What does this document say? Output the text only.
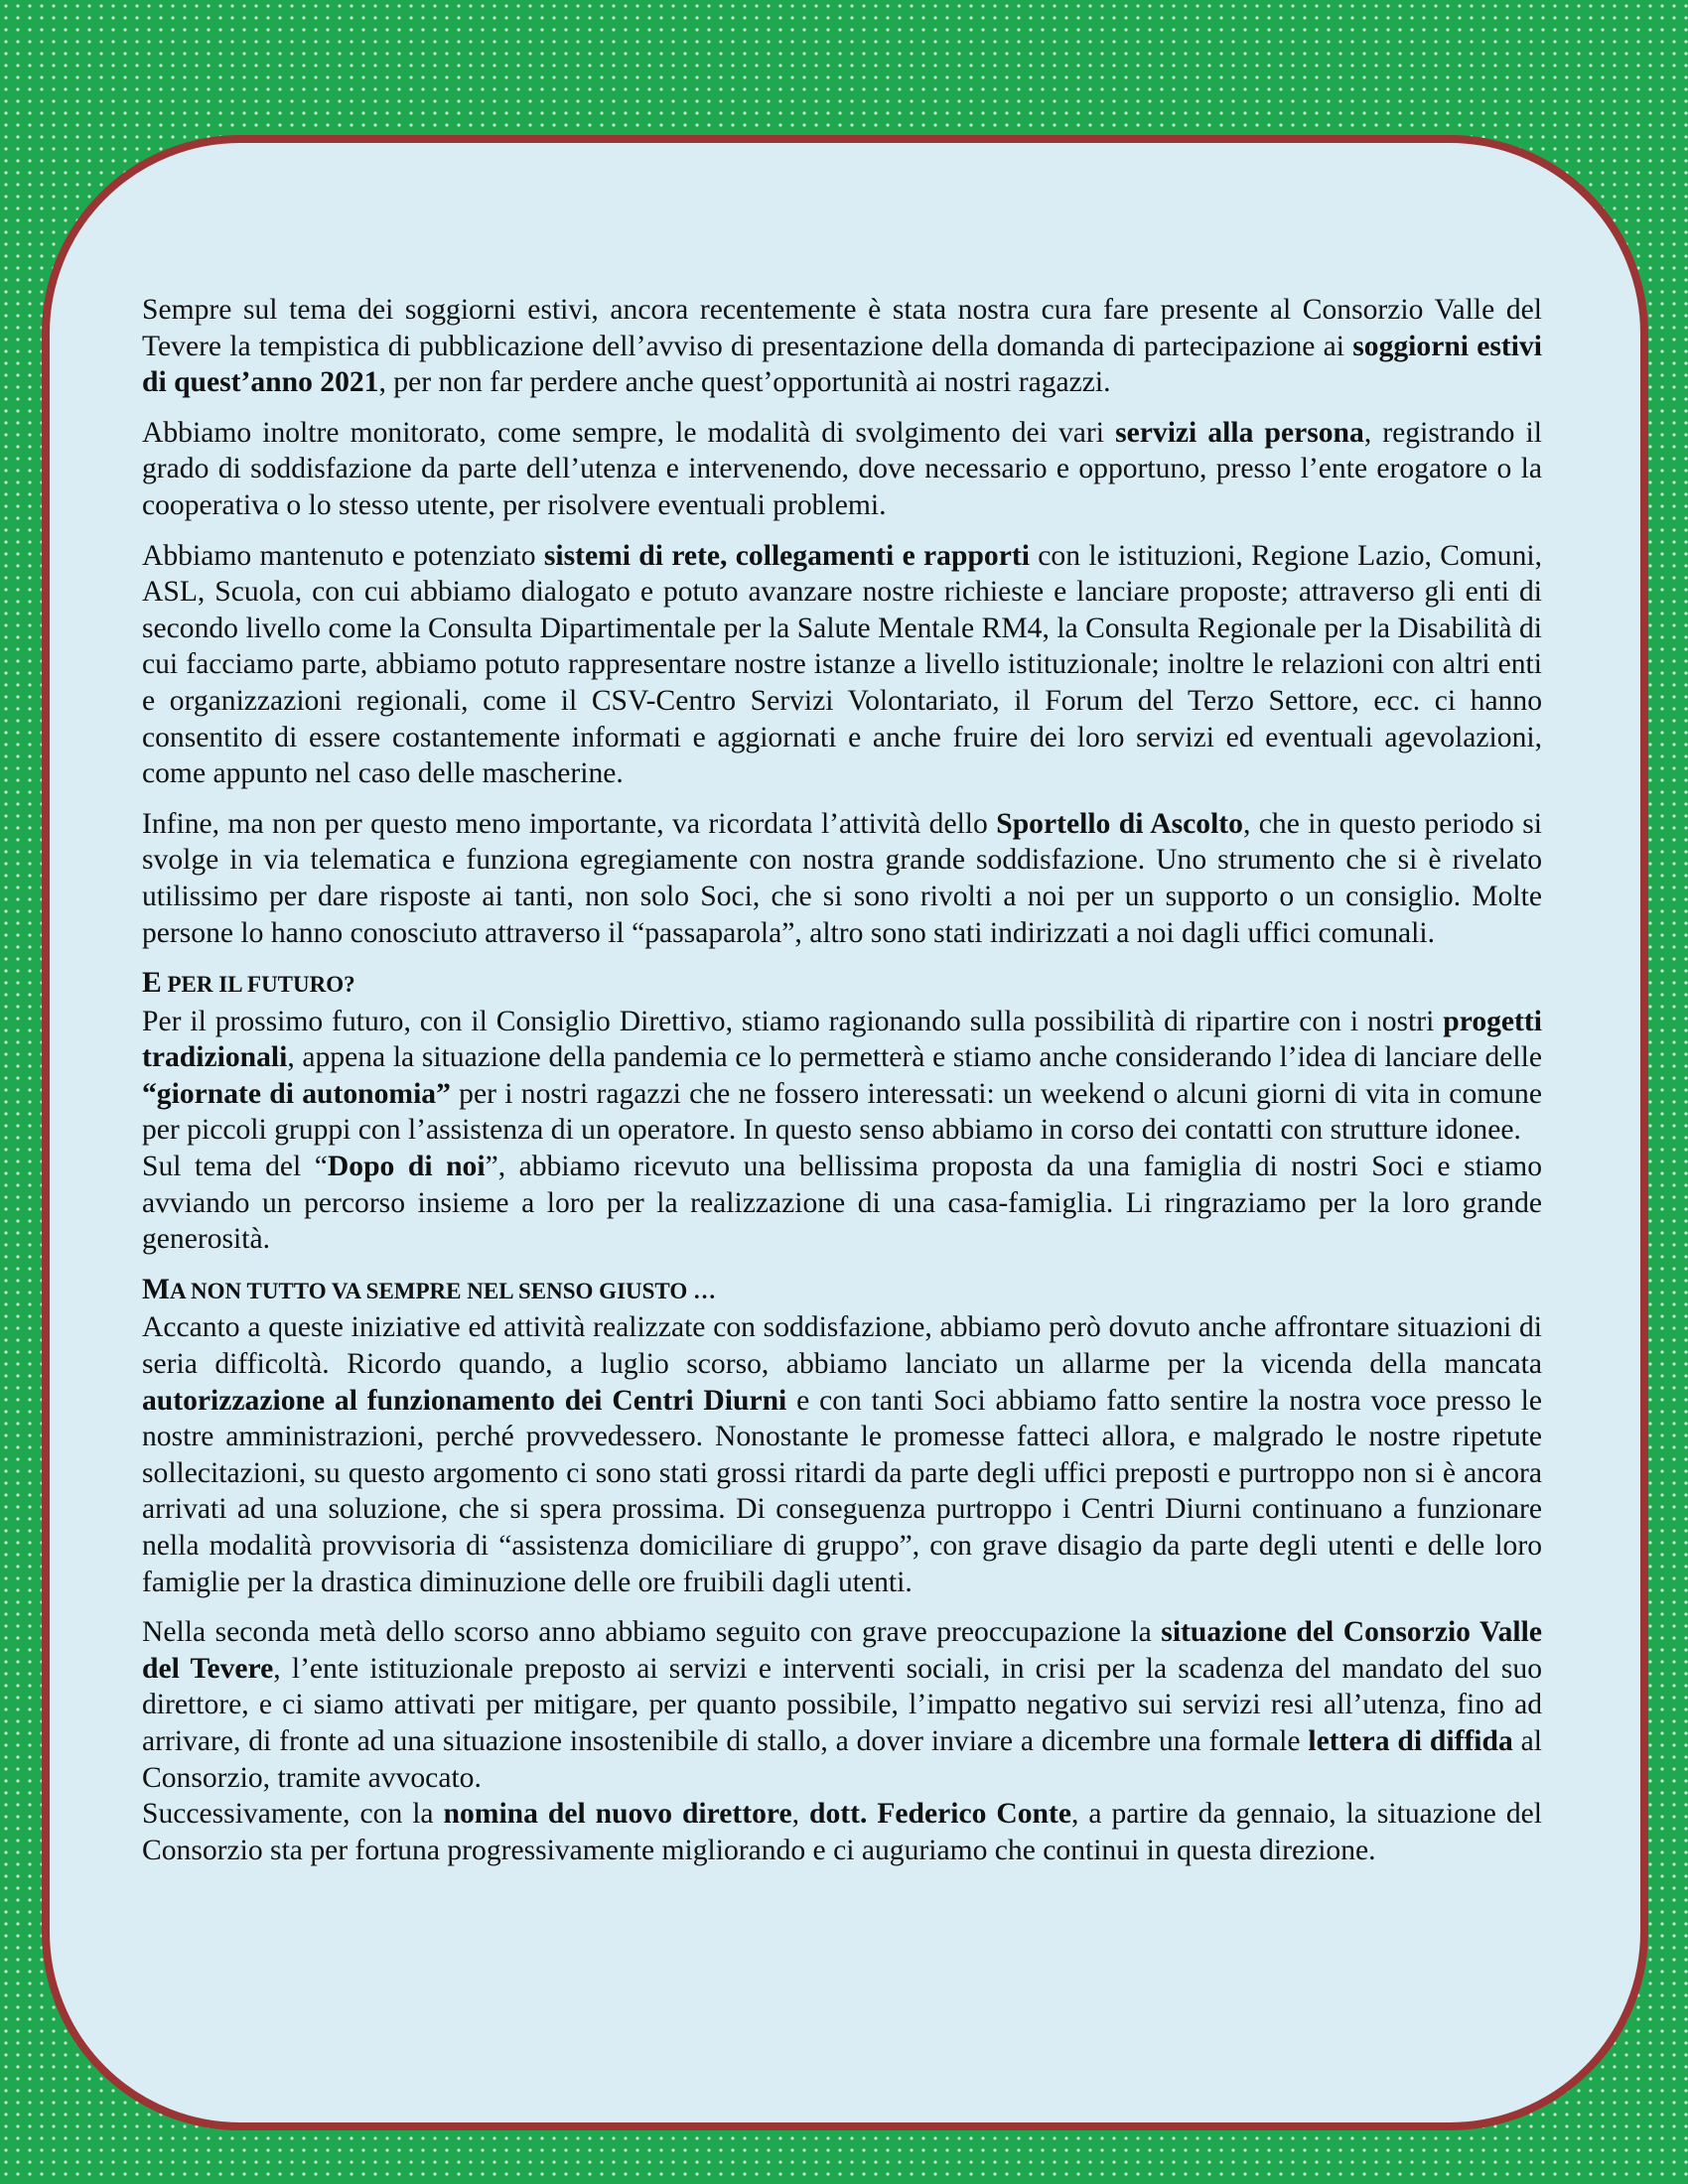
Sempre sul tema dei soggiorni estivi, ancora recentemente è stata nostra cura fare presente al Consorzio Valle del Tevere la tempistica di pubblicazione dell’avviso di presentazione della domanda di partecipazione ai soggiorni estivi di quest’anno 2021, per non far perdere anche quest’opportunità ai nostri ragazzi.

Abbiamo inoltre monitorato, come sempre, le modalità di svolgimento dei vari servizi alla persona, registrando il grado di soddisfazione da parte dell’utenza e intervenendo, dove necessario e opportuno, presso l’ente erogatore o la cooperativa o lo stesso utente, per risolvere eventuali problemi.

Abbiamo mantenuto e potenziato sistemi di rete, collegamenti e rapporti con le istituzioni, Regione Lazio, Comuni, ASL, Scuola, con cui abbiamo dialogato e potuto avanzare nostre richieste e lanciare proposte; attraverso gli enti di secondo livello come la Consulta Dipartimentale per la Salute Mentale RM4, la Consulta Regionale per la Disabilità di cui facciamo parte, abbiamo potuto rappresentare nostre istanze a livello istituzionale; inoltre le relazioni con altri enti e organizzazioni regionali, come il CSV-Centro Servizi Volontariato, il Forum del Terzo Settore, ecc. ci hanno consentito di essere costantemente informati e aggiornati e anche fruire dei loro servizi ed eventuali agevolazioni, come appunto nel caso delle mascherine.

Infine, ma non per questo meno importante, va ricordata l’attività dello Sportello di Ascolto, che in questo periodo si svolge in via telematica e funziona egregiamente con nostra grande soddisfazione. Uno strumento che si è rivelato utilissimo per dare risposte ai tanti, non solo Soci, che si sono rivolti a noi per un supporto o un consiglio. Molte persone lo hanno conosciuto attraverso il “passaparola”, altro sono stati indirizzati a noi dagli uffici comunali.

E PER IL FUTURO?

Per il prossimo futuro, con il Consiglio Direttivo, stiamo ragionando sulla possibilità di ripartire con i nostri progetti tradizionali, appena la situazione della pandemia ce lo permetterà e stiamo anche considerando l’idea di lanciare delle “giornate di autonomia” per i nostri ragazzi che ne fossero interessati: un weekend o alcuni giorni di vita in comune per piccoli gruppi con l’assistenza di un operatore. In questo senso abbiamo in corso dei contatti con strutture idonee.

Sul tema del “Dopo di noi”, abbiamo ricevuto una bellissima proposta da una famiglia di nostri Soci e stiamo avviando un percorso insieme a loro per la realizzazione di una casa-famiglia. Li ringraziamo per la loro grande generosità.

MA NON TUTTO VA SEMPRE NEL SENSO GIUSTO …

Accanto a queste iniziative ed attività realizzate con soddisfazione, abbiamo però dovuto anche affrontare situazioni di seria difficoltà. Ricordo quando, a luglio scorso, abbiamo lanciato un allarme per la vicenda della mancata autorizzazione al funzionamento dei Centri Diurni e con tanti Soci abbiamo fatto sentire la nostra voce presso le nostre amministrazioni, perché provvedessero. Nonostante le promesse fatteci allora, e malgrado le nostre ripetute sollecitazioni, su questo argomento ci sono stati grossi ritardi da parte degli uffici preposti e purtroppo non si è ancora arrivati ad una soluzione, che si spera prossima. Di conseguenza purtroppo i Centri Diurni continuano a funzionare nella modalità provvisoria di “assistenza domiciliare di gruppo”, con grave disagio da parte degli utenti e delle loro famiglie per la drastica diminuzione delle ore fruibili dagli utenti.

Nella seconda metà dello scorso anno abbiamo seguito con grave preoccupazione la situazione del Consorzio Valle del Tevere, l’ente istituzionale preposto ai servizi e interventi sociali, in crisi per la scadenza del mandato del suo direttore, e ci siamo attivati per mitigare, per quanto possibile, l’impatto negativo sui servizi resi all’utenza, fino ad arrivare, di fronte ad una situazione insostenibile di stallo, a dover inviare a dicembre una formale lettera di diffida al Consorzio, tramite avvocato.

Successivamente, con la nomina del nuovo direttore, dott. Federico Conte, a partire da gennaio, la situazione del Consorzio sta per fortuna progressivamente migliorando e ci auguriamo che continui in questa direzione.
